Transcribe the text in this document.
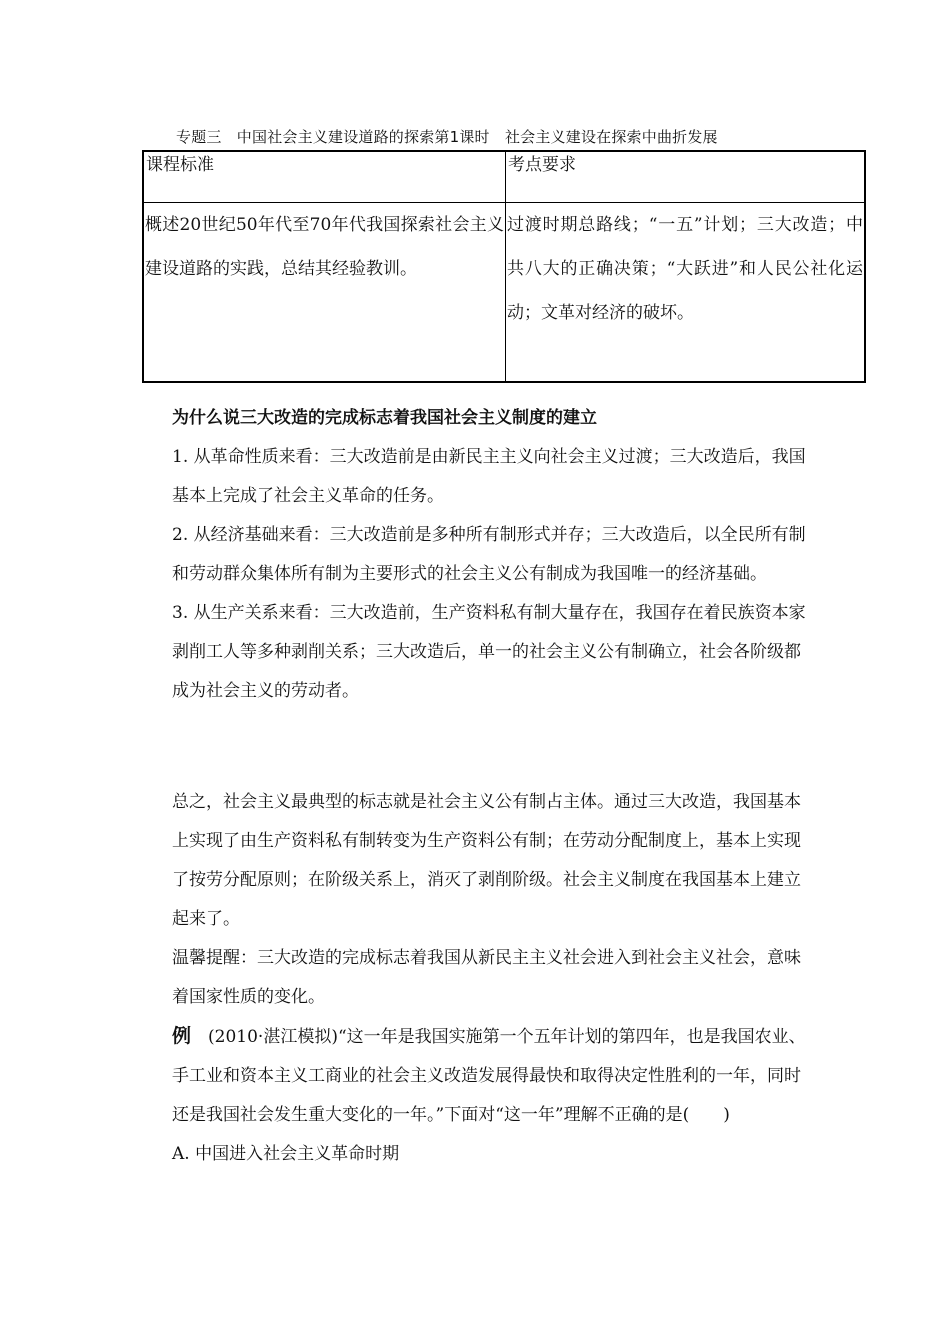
专题三　中国社会主义建设道路的探索第1课时　社会主义建设在探索中曲折发展
课程标准	考点要求

概述20世纪50年代至70年代我国探索社会主义建设道路的实践，总结其经验教训。	过渡时期总路线；“一五”计划；三大改造；中共八大的正确决策；“大跃进”和人民公社化运动；文革对经济的破坏。
为什么说三大改造的完成标志着我国社会主义制度的建立

1. 从革命性质来看：三大改造前是由新民主主义向社会主义过渡；三大改造后，我国基本上完成了社会主义革命的任务。

2. 从经济基础来看：三大改造前是多种所有制形式并存；三大改造后，以全民所有制和劳动群众集体所有制为主要形式的社会主义公有制成为我国唯一的经济基础。

3. 从生产关系来看：三大改造前，生产资料私有制大量存在，我国存在着民族资本家剥削工人等多种剥削关系；三大改造后，单一的社会主义公有制确立，社会各阶级都成为社会主义的劳动者。

总之，社会主义最典型的标志就是社会主义公有制占主体。通过三大改造，我国基本上实现了由生产资料私有制转变为生产资料公有制；在劳动分配制度上，基本上实现了按劳分配原则；在阶级关系上，消灭了剥削阶级。社会主义制度在我国基本上建立起来了。

温馨提醒：三大改造的完成标志着我国从新民主主义社会进入到社会主义社会，意味着国家性质的变化。

例　(2010·湛江模拟)“这一年是我国实施第一个五年计划的第四年，也是我国农业、手工业和资本主义工商业的社会主义改造发展得最快和取得决定性胜利的一年，同时还是我国社会发生重大变化的一年。”下面对“这一年”理解不正确的是(　　)

A. 中国进入社会主义革命时期
